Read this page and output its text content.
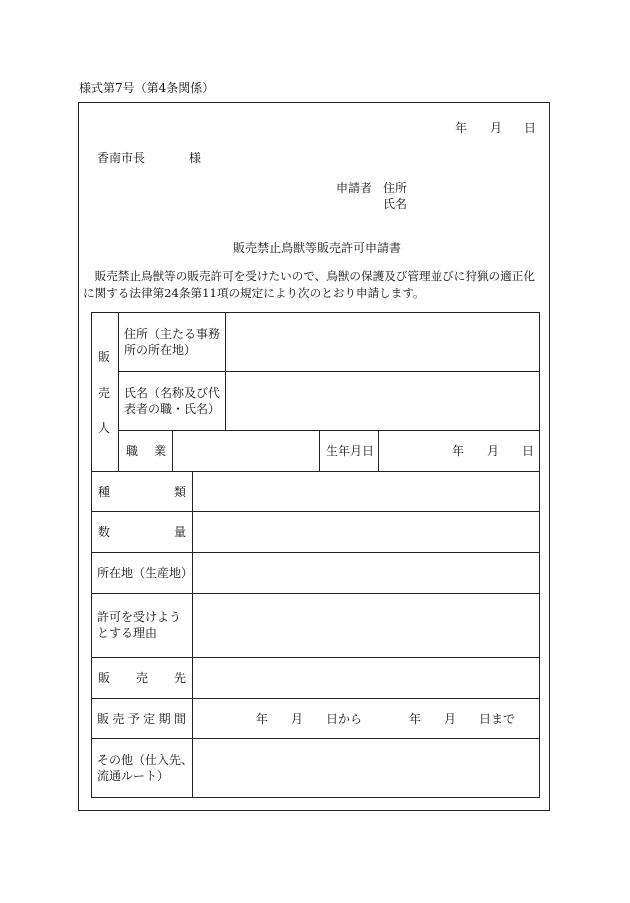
様式第7号（第4条関係）
年 月 日
香南市長	様
申請者 住所
氏名
販売禁止鳥獣等販売許可申請書
　販売禁止鳥獣等の販売許可を受けたいので、鳥獣の保護及び管理並びに狩猟の適正化
に関する法律第24条第11項の規定により次のとおり申請します。
販
売
人
住所（主たる事務
所の所在地）
氏名（名称及び代
表者の職・氏名）
職 業	生年月日	年 月 日
種	類
数	量
所在地（生産地）
許可を受けよう
とする理由
販 売 先
販売予定期間	年 月 日から	年 月 日まで
その他（仕入先、
流通ルート）
